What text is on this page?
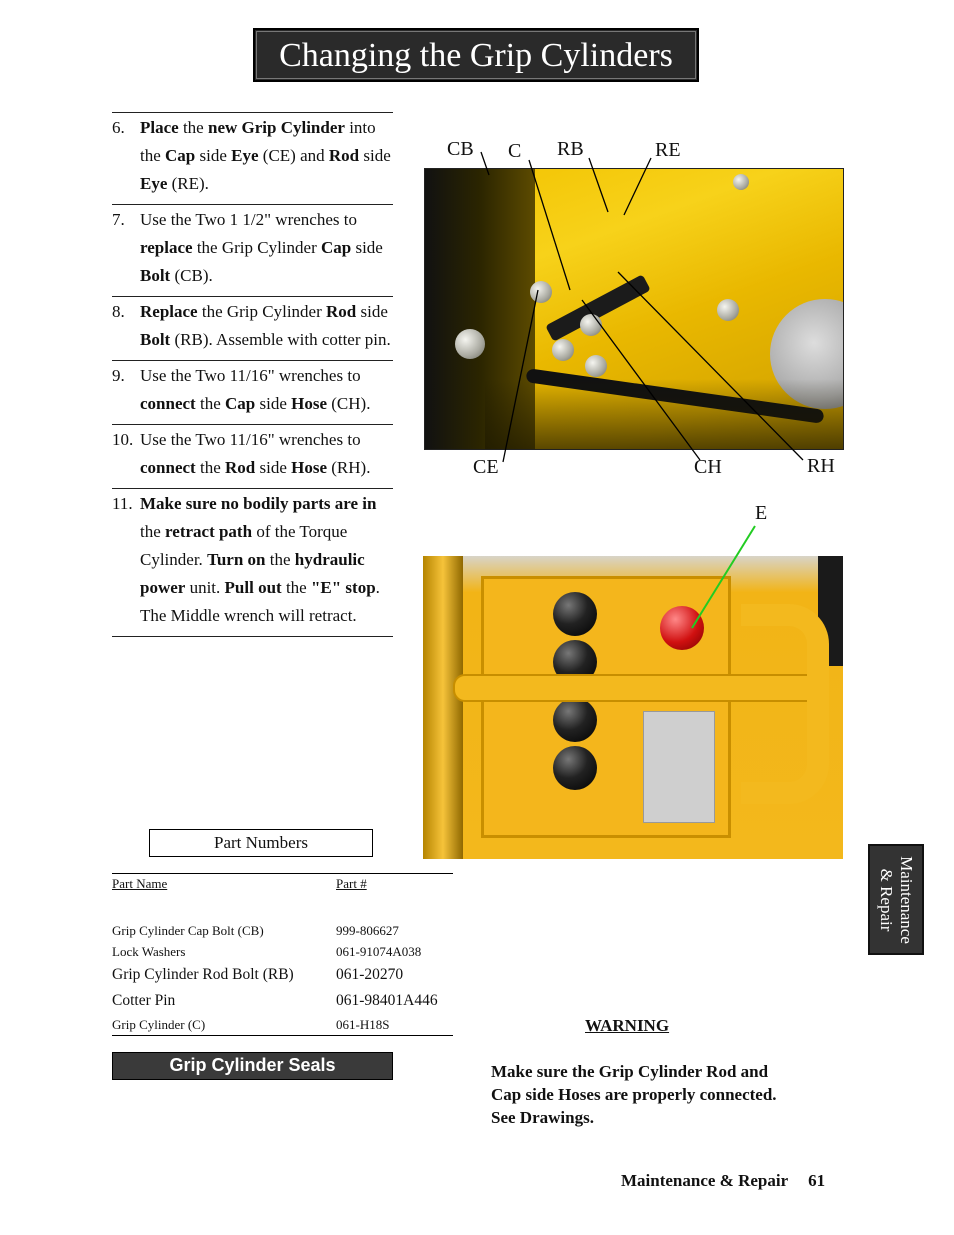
Changing the Grip Cylinders
6. Place the new Grip Cylinder into the Cap side Eye (CE) and Rod side Eye (RE).
7. Use the Two 1 1/2" wrenches to replace the Grip Cylinder Cap side Bolt (CB).
8. Replace the Grip Cylinder Rod side Bolt (RB). Assemble with cotter pin.
9. Use the Two 11/16" wrenches to connect the Cap side Hose (CH).
10. Use the Two 11/16" wrenches to connect the Rod side Hose (RH).
11. Make sure no bodily parts are in the retract path of the Torque Cylinder. Turn on the hydraulic power unit. Pull out the "E" stop. The Middle wrench will retract.
CB C RB	RE
CE	CH	RH
E
Part Numbers
Part Name	Part #
Grip Cylinder Cap Bolt (CB)	999-806627
Lock Washers	061-91074A038
Grip Cylinder Rod Bolt (RB)	061-20270
Cotter Pin	061-98401A446
Grip Cylinder (C)	061-H18S
Grip Cylinder Seals
WARNING
Make sure the Grip Cylinder Rod and Cap side Hoses are properly connected. See Drawings.
Maintenance
& Repair
Maintenance & Repair 61
